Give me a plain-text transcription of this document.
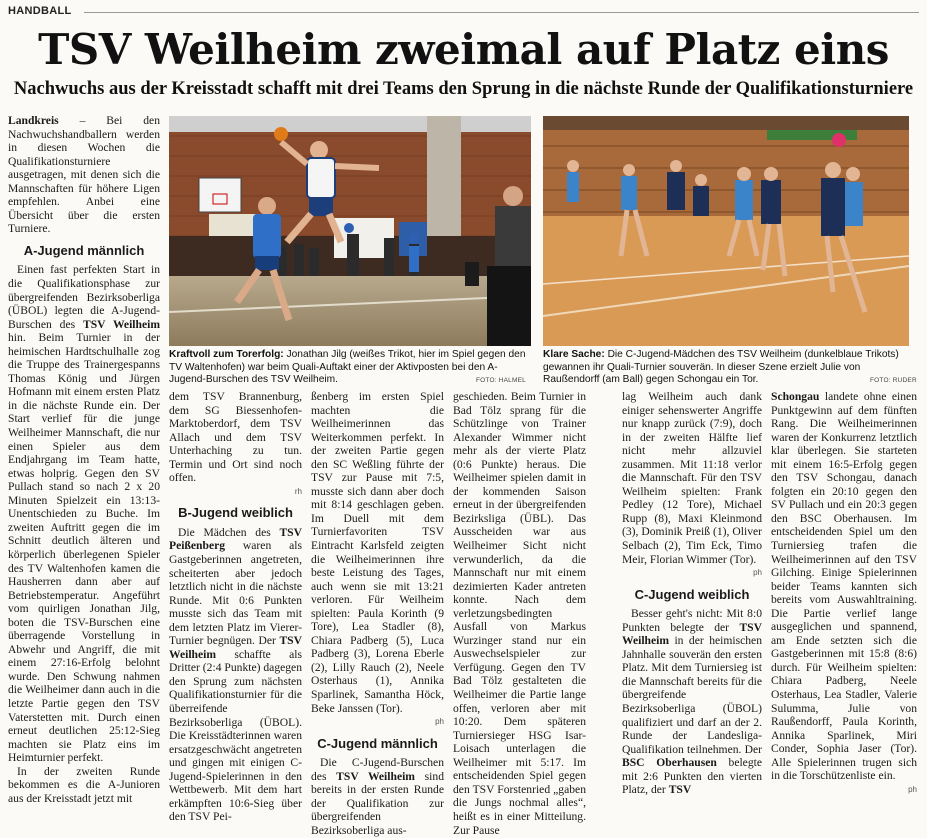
HANDBALL
TSV Weilheim zweimal auf Platz eins
Nachwuchs aus der Kreisstadt schafft mit drei Teams den Sprung in die nächste Runde der Qualifikationsturniere

Landkreis – Bei den Nachwuchshandballern werden in diesen Wochen die Qualifikationsturniere ausgetragen, mit denen sich die Mannschaften für höhere Ligen empfehlen. Anbei eine Übersicht über die ersten Turniere.

A-Jugend männlich

Einen fast perfekten Start in die Qualifikationsphase zur übergreifenden Bezirksoberliga (ÜBOL) legten die A-Jugend-Burschen des TSV Weilheim hin. Beim Turnier in der heimischen Hardtschulhalle zog die Truppe des Trainergespanns Thomas König und Jürgen Hofmann mit einem ersten Platz in die nächste Runde ein. Der Start verlief für die junge Weilheimer Mannschaft, die nur einen Spieler aus dem Endjahrgang im Team hatte, etwas holprig. Gegen den SV Pullach stand so nach 2 x 20 Minuten Spielzeit ein 13:13-Unentschieden zu Buche. Im zweiten Auftritt gegen die im Schnitt deutlich älteren und körperlich überlegenen Spieler des TV Waltenhofen kamen die Hausherren dann aber auf Betriebstemperatur. Angeführt vom quirligen Jonathan Jilg, boten die TSV-Burschen eine überragende Vorstellung in Abwehr und Angriff, die mit einem 27:16-Erfolg belohnt wurde. Den Schwung nahmen die Weilheimer dann auch in die letzte Partie gegen den TSV Vaterstetten mit. Durch einen erneut deutlichen 25:12-Sieg machten sie Platz eins im Heimturnier perfekt.

In der zweiten Runde bekommen es die A-Junioren aus der Kreisstadt jetzt mit

Kraftvoll zum Torerfolg: Jonathan Jilg (weißes Trikot, hier im Spiel gegen den TV Waltenhofen) war beim Quali-Auftakt einer der Aktivposten bei den A-Jugend-Burschen des TSV Weilheim.	FOTO: HALMEL
Klare Sache: Die C-Jugend-Mädchen des TSV Weilheim (dunkelblaue Trikots) gewannen ihr Quali-Turnier souverän. In dieser Szene erzielt Julie von Raußendorff (am Ball) gegen Schongau ein Tor.	FOTO: RUDER

dem TSV Brannenburg, dem SG Biessenhofen-Marktoberdorf, dem TSV Allach und dem TSV Unterhaching zu tun. Termin und Ort sind noch offen.

rh
B-Jugend weiblich

Die Mädchen des TSV Peißenberg waren als Gastgeberinnen angetreten, scheiterten aber jedoch letztlich nicht in die nächste Runde. Mit 0:6 Punkten musste sich das Team mit dem letzten Platz im Vierer-Turnier begnügen. Der TSV Weilheim schaffte als Dritter (2:4 Punkte) dagegen den Sprung zum nächsten Qualifikationsturnier für die überreifende Bezirksoberliga (ÜBOL). Die Kreisstädterinnen waren ersatzgeschwächt angetreten und gingen mit einigen C-Jugend-Spielerinnen in den Wettbewerb. Mit dem hart erkämpften 10:6-Sieg über den TSV Pei-

ßenberg im ersten Spiel machten die Weilheimerinnen das Weiterkommen perfekt. In der zweiten Partie gegen den SC Weßling führte der TSV zur Pause mit 7:5, musste sich dann aber doch mit 8:14 geschlagen geben. Im Duell mit dem Turnierfavoriten TSV Eintracht Karlsfeld zeigten die Weilheimerinnen ihre beste Leistung des Tages, auch wenn sie mit 13:21 verloren. Für Weilheim spielten: Paula Korinth (9 Tore), Lea Stadler (8), Chiara Padberg (5), Luca Padberg (3), Lorena Eberle (2), Lilly Rauch (2), Neele Osterhaus (1), Annika Sparlinek, Samantha Höck, Beke Janssen (Tor).

ph
C-Jugend männlich

Die C-Jugend-Burschen des TSV Weilheim sind bereits in der ersten Runde der Qualifikation zur übergreifenden Bezirksoberliga aus-

geschieden. Beim Turnier in Bad Tölz sprang für die Schützlinge von Trainer Alexander Wimmer nicht mehr als der vierte Platz (0:6 Punkte) heraus. Die Weilheimer spielen damit in der kommenden Saison erneut in der übergreifenden Bezirksliga (ÜBL). Das Ausscheiden war aus Weilheimer Sicht nicht verwunderlich, da die Mannschaft nur mit einem dezimierten Kader antreten konnte. Nach dem verletzungsbedingten Ausfall von Markus Wurzinger stand nur ein Auswechselspieler zur Verfügung. Gegen den TV Bad Tölz gestalteten die Weilheimer die Partie lange offen, verloren aber mit 10:20. Dem späteren Turniersieger HSG Isar-Loisach unterlagen die Weilheimer mit 5:17. Im entscheidenden Spiel gegen den TSV Forstenried „gaben die Jungs nochmal alles“, heißt es in einer Mitteilung. Zur Pause

lag Weilheim auch dank einiger sehenswerter Angriffe nur knapp zurück (7:9), doch in der zweiten Hälfte lief nicht mehr allzuviel zusammen. Mit 11:18 verlor die Mannschaft. Für den TSV Weilheim spielten: Frank Pedley (12 Tore), Michael Rupp (8), Maxi Kleinmond (3), Dominik Preiß (1), Oliver Selbach (2), Tim Eck, Timo Meir, Florian Wimmer (Tor).

ph
C-Jugend weiblich

Besser geht's nicht: Mit 8:0 Punkten belegte der TSV Weilheim in der heimischen Jahnhalle souverän den ersten Platz. Mit dem Turniersieg ist die Mannschaft bereits für die übergreifende Bezirksoberliga (ÜBOL) qualifiziert und darf an der 2. Runde der Landesliga-Qualifikation teilnehmen. Der BSC Oberhausen belegte mit 2:6 Punkten den vierten Platz, der TSV

Schongau landete ohne einen Punktgewinn auf dem fünften Rang. Die Weilheimerinnen waren der Konkurrenz letztlich klar überlegen. Sie starteten mit einem 16:5-Erfolg gegen den TSV Schongau, danach folgten ein 20:10 gegen den SV Pullach und ein 20:3 gegen den BSC Oberhausen. Im entscheidenden Spiel um den Turniersieg trafen die Weilheimerinnen auf den TSV Gilching. Einige Spielerinnen beider Teams kannten sich bereits vom Auswahltraining. Die Partie verlief lange ausgeglichen und spannend, am Ende setzten sich die Gastgeberinnen mit 15:8 (8:6) durch. Für Weilheim spielten: Chiara Padberg, Neele Osterhaus, Lea Stadler, Valerie Sulumma, Julie von Raußendorff, Paula Korinth, Annika Sparlinek, Miri Conder, Sophia Jaser (Tor). Alle Spielerinnen trugen sich in die Torschützenliste ein.

ph
